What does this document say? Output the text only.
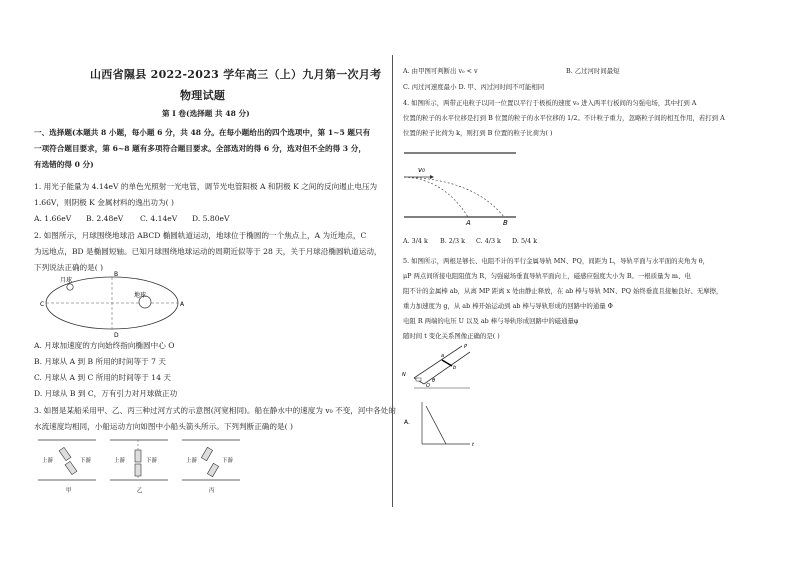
山西省隰县 2022-2023 学年高三（上）九月第一次月考
物理试题
第 I 卷(选择题 共 48 分)
一、选择题(本题共 8 小题，每小题 6 分，共 48 分。在每小题给出的四个选项中，第 1~5 题只有
一项符合题目要求，第 6~8 题有多项符合题目要求。全部选对的得 6 分，选对但不全的得 3 分，
有选错的得 0 分)
1. 用光子能量为 4.14eV 的单色光照射一光电管，调节光电管阳极 A 和阴极 K 之间的反向遏止电压为
1.66V，则阴极 K 金属材料的逸出功为( )
A. 1.66eV B. 2.48eV C. 4.14eV D. 5.80eV
2. 如图所示，月球围绕地球沿 ABCD 椭圆轨道运动，地球位于椭圆的一个焦点上，A 为近地点，C
为远地点，BD 是椭圆短轴。已知月球围绕地球运动的周期近似等于 28 天，关于月球沿椭圆轨道运动，
下列说法正确的是( )
月球
地球
C	A
B
D
A. 月球加速度的方向始终指向椭圆中心 O
B. 月球从 A 到 B 所用的时间等于 7 天
C. 月球从 A 到 C 所用的时间等于 14 天
D. 月球从 B 到 C，万有引力对月球做正功
3. 如图是某船采用甲、乙、丙三种过河方式的示意图(河宽相同)。船在静水中的速度为 v₀ 不变，河中各处的
水流速度均相同，小船运动方向如图中小船头箭头所示。下列判断正确的是( )
上游	下游
甲
上游	下游
乙
上游	下游
丙
A. 由甲图可判断出 v₀ < v	B. 乙过河时间最短
C. 丙过河速度最小 D. 甲、丙过河时间不可能相同
4. 如图所示，两带正电粒子以同一位置以平行于极板的速度 v₀ 进入两平行板间的匀强电场，其中打到 A
位置的粒子的水平位移是打到 B 位置的粒子的水平位移的 1/2。不计粒子重力，忽略粒子间的相互作用，若打到 A
位置的粒子比荷为 k，则打到 B 位置的粒子比荷为( )
v₀
A	B
A. 3/4 k B. 2/3 k C. 4/3 k D. 5/4 k
5. 如图所示，两根足够长、电阻不计的平行金属导轨 MN、PQ，间距为 L，导轨平面与水平面的夹角为 θ，
μP 两点间所接电阻阻值为 R，匀强磁场垂直导轨平面向上，磁感应强度大小为 B。一根质量为 m、电
阻不计的金属棒 ab，从离 MP 距离 x 处由静止释放，在 ab 棒与导轨 MN、PQ 始终垂直且接触良好、无摩擦，
重力加速度为 g，从 ab 棒开始运动到 ab 棒与导轨形成的回路中的通量 Φ
电阻 R 两端的电压 U 以及 ab 棒与导轨形成回路中的磁通量φ
随时间 t 变化关系图像正确的是( )
N
O
P
a
b
θ
A.
t
